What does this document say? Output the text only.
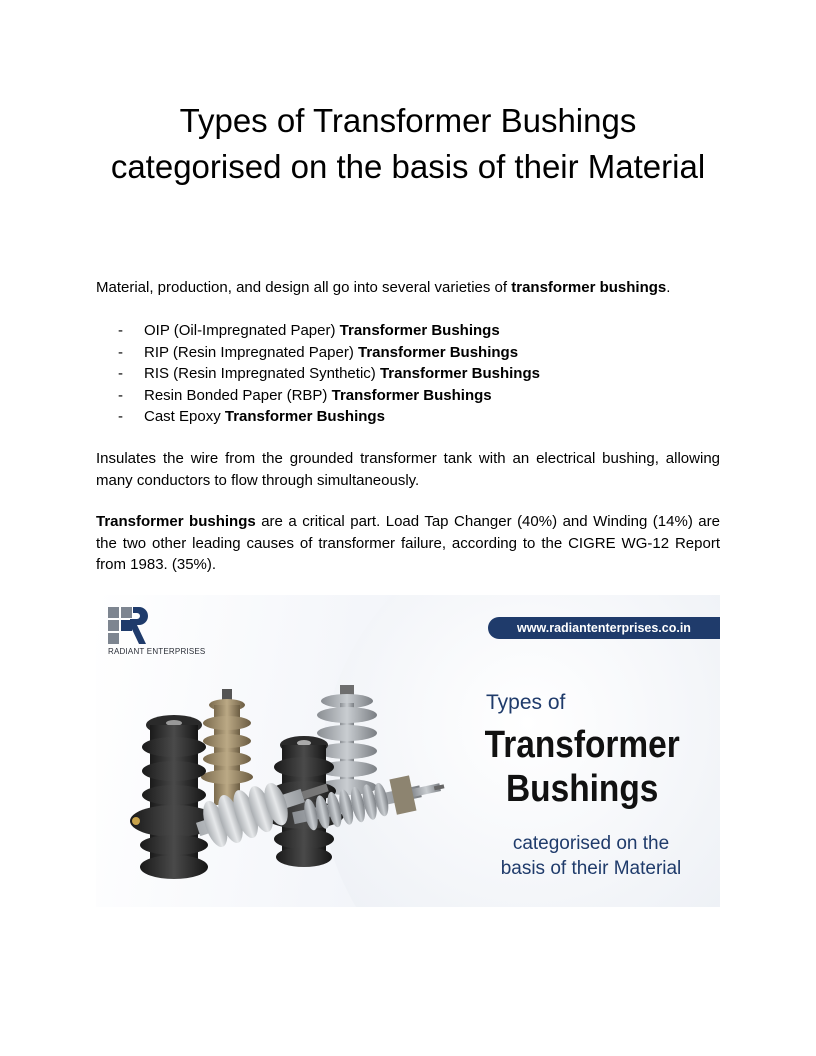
Types of Transformer Bushings categorised on the basis of their Material

Material, production, and design all go into several varieties of transformer bushings.

- OIP (Oil-Impregnated Paper) Transformer Bushings
- RIP (Resin Impregnated Paper) Transformer Bushings
- RIS (Resin Impregnated Synthetic) Transformer Bushings
- Resin Bonded Paper (RBP) Transformer Bushings
- Cast Epoxy Transformer Bushings

Insulates the wire from the grounded transformer tank with an electrical bushing, allowing many conductors to flow through simultaneously.

Transformer bushings are a critical part. Load Tap Changer (40%) and Winding (14%) are the two other leading causes of transformer failure, according to the CIGRE WG-12 Report from 1983. (35%).

RADIANT ENTERPRISES
www.radiantenterprises.co.in
Types of
Transformer
Bushings
categorised on the
basis of their Material
